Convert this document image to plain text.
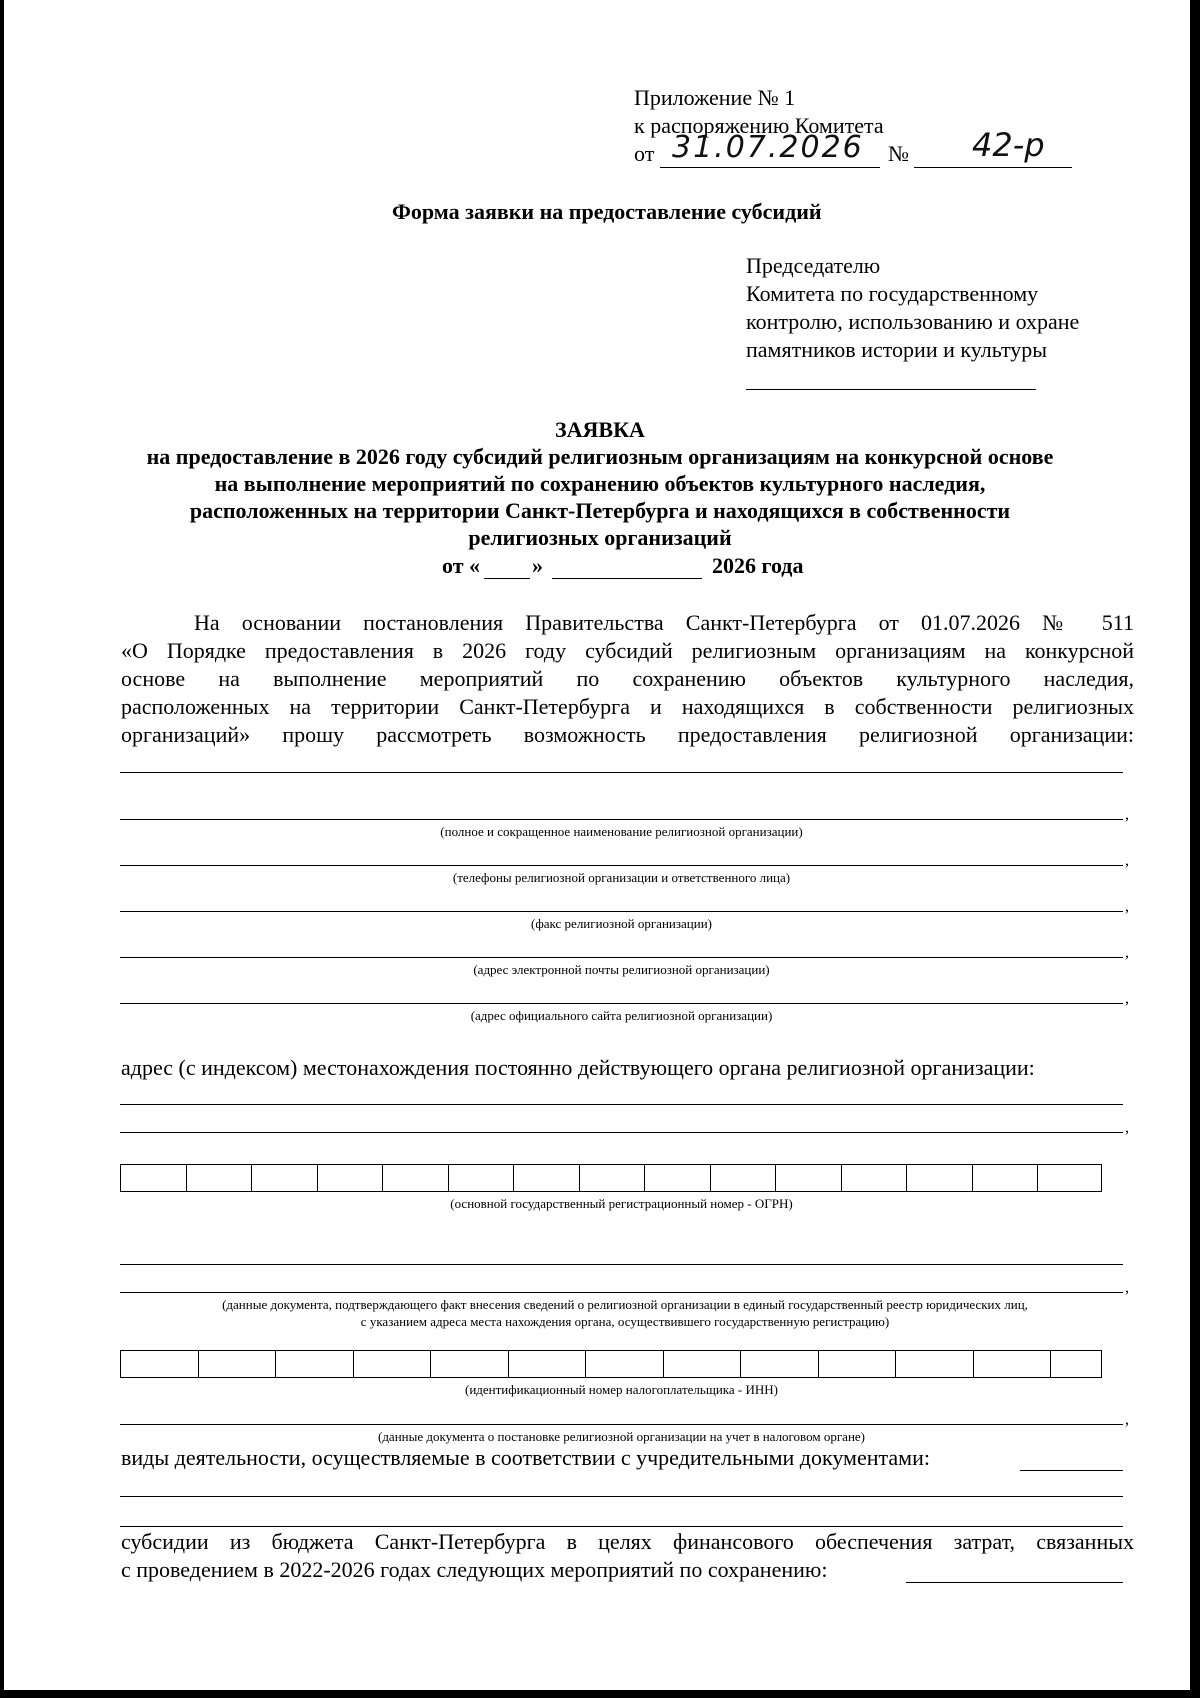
Приложение № 1
к распоряжению Комитета
от 31.07.2026 № 42-р
Форма заявки на предоставление субсидий
Председателю
Комитета по государственному
контролю, использованию и охране
памятников истории и культуры
ЗАЯВКА
на предоставление в 2026 году субсидий религиозным организациям на конкурсной основе
на выполнение мероприятий по сохранению объектов культурного наследия,
расположенных на территории Санкт-Петербурга и находящихся в собственности
религиозных организаций
от « »	2026 года
На основании постановления Правительства Санкт-Петербурга от 01.07.2026 № 511
«О Порядке предоставления в 2026 году субсидий религиозным организациям на конкурсной
основе на выполнение мероприятий по сохранению объектов культурного наследия,
расположенных на территории Санкт-Петербурга и находящихся в собственности религиозных
организаций» прошу рассмотреть возможность предоставления религиозной организации:
,
(полное и сокращенное наименование религиозной организации)
,
(телефоны религиозной организации и ответственного лица)
,
(факс религиозной организации)
,
(адрес электронной почты религиозной организации)
,
(адрес официального сайта религиозной организации)
адрес (с индексом) местонахождения постоянно действующего органа религиозной организации:
,
(основной государственный регистрационный номер - ОГРН)
,
(данные документа, подтверждающего факт внесения сведений о религиозной организации в единый государственный реестр юридических лиц,
с указанием адреса места нахождения органа, осуществившего государственную регистрацию)
(идентификационный номер налогоплательщика - ИНН)
,
(данные документа о постановке религиозной организации на учет в налоговом органе)
виды деятельности, осуществляемые в соответствии с учредительными документами:
субсидии из бюджета Санкт-Петербурга в целях финансового обеспечения затрат, связанных
с проведением в 2022-2026 годах следующих мероприятий по сохранению:
